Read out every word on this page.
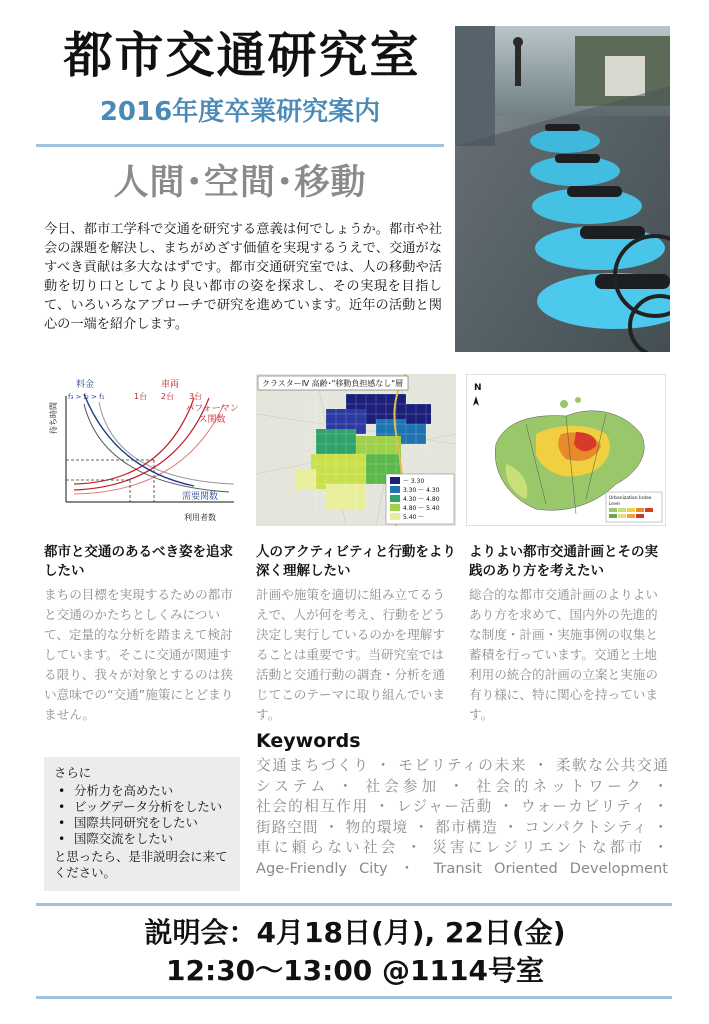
都市交通研究室
2016年度卒業研究案内
人間･空間･移動
今日、都市工学科で交通を研究する意義は何でしょうか。都市や社会の課題を解決し、まちがめざす価値を実現するうえで、交通がなすべき貢献は多大なはずです。都市交通研究室では、人の移動や活動を切り口としてより良い都市の姿を探求し、その実現を目指して、いろいろなアプローチで研究を進めています。近年の活動と関心の一端を紹介します。
料金
f₃ > f₂ > f₁
車両
1台 2台 3台
パフォーマンス関数
需要関数
利用者数
待ち時間
クラスターⅣ 高齢･"移動負担感なし"層
～ 3.30
3.30 ～ 4.30
4.30 ～ 4.80
4.80 ～ 5.40
5.40 ～
N
Urbanization Index
Level
都市と交通のあるべき姿を追求したい
まちの目標を実現するための都市と交通のかたちとしくみについて、定量的な分析を踏まえて検討しています。そこに交通が関連する限り、我々が対象とするのは狭い意味での“交通”施策にとどまりません。
人のアクティビティと行動をより深く理解したい
計画や施策を適切に組み立てるうえで、人が何を考え、行動をどう決定し実行しているのかを理解することは重要です。当研究室では活動と交通行動の調査・分析を通じてこのテーマに取り組んでいます。
よりよい都市交通計画とその実践のあり方を考えたい
総合的な都市交通計画のよりよいあり方を求めて、国内外の先進的な制度・計画・実施事例の収集と蓄積を行っています。交通と土地利用の統合的計画の立案と実施の有り様に、特に関心を持っています。
さらに
• 分析力を高めたい
• ビッグデータ分析をしたい
• 国際共同研究をしたい
• 国際交流をしたい
と思ったら、是非説明会に来てください。
Keywords
交通まちづくり ・ モビリティの未来 ・ 柔軟な公共交通
システム ・ 社会参加 ・ 社会的ネットワーク ・
社会的相互作用 ・ レジャー活動 ・ ウォーカビリティ ・
街路空間 ・ 物的環境 ・ 都市構造 ・ コンパクトシティ ・
車に頼らない社会 ・ 災害にレジリエントな都市 ・
Age-Friendly City ・ Transit Oriented Development
説明会：4月18日(月), 22日(金)
12:30～13:00 @1114号室
